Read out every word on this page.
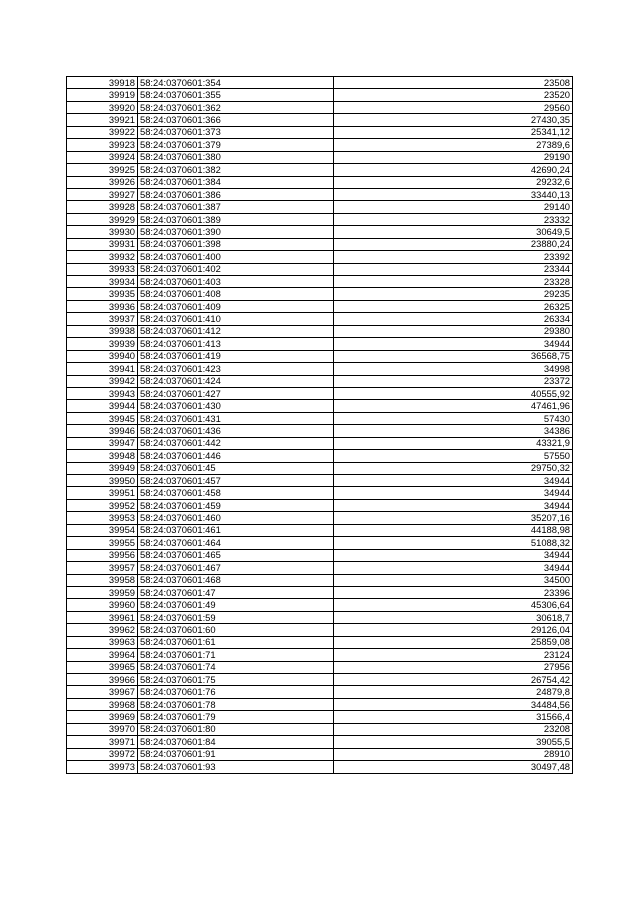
39918	58:24:0370601:354	23508
39919	58:24:0370601:355	23520
39920	58:24:0370601:362	29560
39921	58:24:0370601:366	27430,35
39922	58:24:0370601:373	25341,12
39923	58:24:0370601:379	27389,6
39924	58:24:0370601:380	29190
39925	58:24:0370601:382	42690,24
39926	58:24:0370601:384	29232,6
39927	58:24:0370601:386	33440,13
39928	58:24:0370601:387	29140
39929	58:24:0370601:389	23332
39930	58:24:0370601:390	30649,5
39931	58:24:0370601:398	23880,24
39932	58:24:0370601:400	23392
39933	58:24:0370601:402	23344
39934	58:24:0370601:403	23328
39935	58:24:0370601:408	29235
39936	58:24:0370601:409	26325
39937	58:24:0370601:410	26334
39938	58:24:0370601:412	29380
39939	58:24:0370601:413	34944
39940	58:24:0370601:419	36568,75
39941	58:24:0370601:423	34998
39942	58:24:0370601:424	23372
39943	58:24:0370601:427	40555,92
39944	58:24:0370601:430	47461,96
39945	58:24:0370601:431	57430
39946	58:24:0370601:436	34386
39947	58:24:0370601:442	43321,9
39948	58:24:0370601:446	57550
39949	58:24:0370601:45	29750,32
39950	58:24:0370601:457	34944
39951	58:24:0370601:458	34944
39952	58:24:0370601:459	34944
39953	58:24:0370601:460	35207,16
39954	58:24:0370601:461	44188,98
39955	58:24:0370601:464	51088,32
39956	58:24:0370601:465	34944
39957	58:24:0370601:467	34944
39958	58:24:0370601:468	34500
39959	58:24:0370601:47	23396
39960	58:24:0370601:49	45306,64
39961	58:24:0370601:59	30618,7
39962	58:24:0370601:60	29126,04
39963	58:24:0370601:61	25859,08
39964	58:24:0370601:71	23124
39965	58:24:0370601:74	27956
39966	58:24:0370601:75	26754,42
39967	58:24:0370601:76	24879,8
39968	58:24:0370601:78	34484,56
39969	58:24:0370601:79	31566,4
39970	58:24:0370601:80	23208
39971	58:24:0370601:84	39055,5
39972	58:24:0370601:91	28910
39973	58:24:0370601:93	30497,48
